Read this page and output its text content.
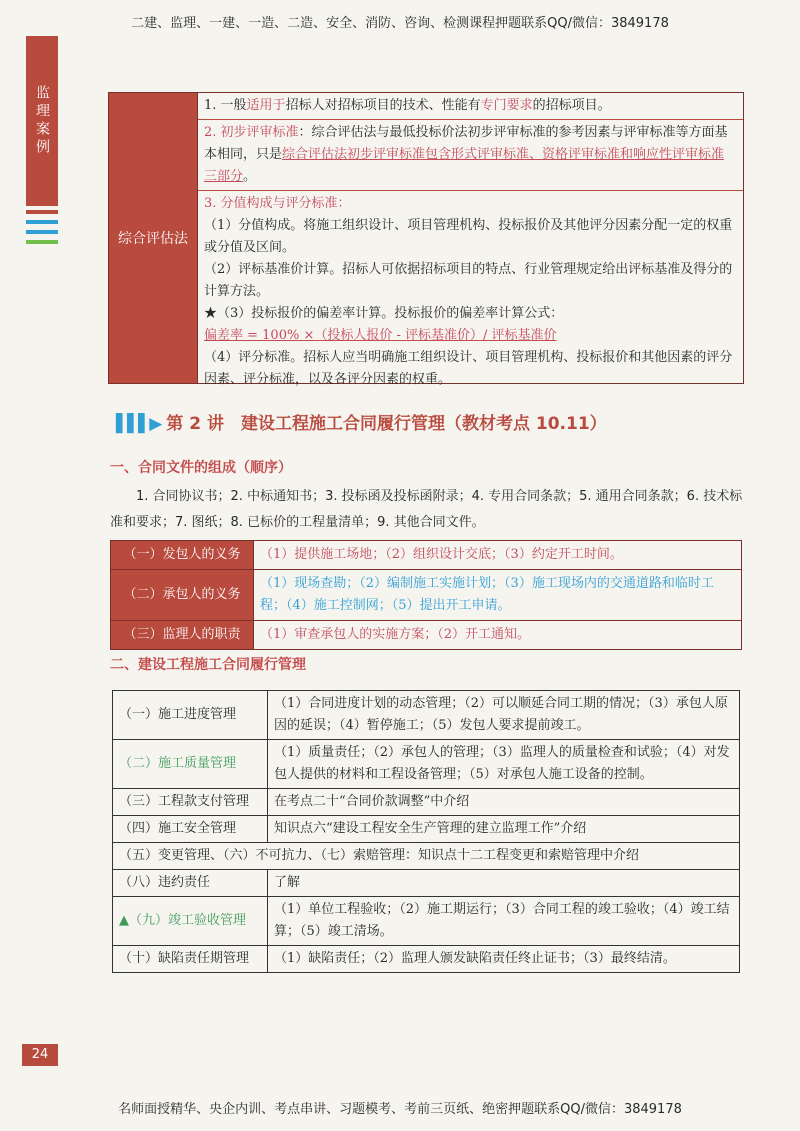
二建、监理、一建、一造、二造、安全、消防、咨询、检测课程押题联系QQ/微信：3849178
监理案例
综合评估法
1. 一般适用于招标人对招标项目的技术、性能有专门要求的招标项目。
2. 初步评审标准：综合评估法与最低投标价法初步评审标准的参考因素与评审标准等方面基本相同，只是综合评估法初步评审标准包含形式评审标准、资格评审标准和响应性评审标准三部分。
3. 分值构成与评分标准：
（1）分值构成。将施工组织设计、项目管理机构、投标报价及其他评分因素分配一定的权重或分值及区间。
（2）评标基准价计算。招标人可依据招标项目的特点、行业管理规定给出评标基准及得分的计算方法。
★（3）投标报价的偏差率计算。投标报价的偏差率计算公式：
偏差率 = 100% ×（投标人报价 - 评标基准价）/ 评标基准价
（4）评分标准。招标人应当明确施工组织设计、项目管理机构、投标报价和其他因素的评分因素、评分标准，以及各评分因素的权重。
▌▌▌▶ 第 2 讲　建设工程施工合同履行管理（教材考点 10.11）
一、合同文件的组成（顺序）
1. 合同协议书；2. 中标通知书；3. 投标函及投标函附录；4. 专用合同条款；5. 通用合同条款；6. 技术标准和要求；7. 图纸；8. 已标价的工程量清单；9. 其他合同文件。
（一）发包人的义务	（1）提供施工场地；（2）组织设计交底；（3）约定开工时间。
（二）承包人的义务	（1）现场查勘；（2）编制施工实施计划；（3）施工现场内的交通道路和临时工程；（4）施工控制网；（5）提出开工申请。
（三）监理人的职责	（1）审查承包人的实施方案；（2）开工通知。
二、建设工程施工合同履行管理
（一）施工进度管理	（1）合同进度计划的动态管理；（2）可以顺延合同工期的情况；（3）承包人原因的延误；（4）暂停施工；（5）发包人要求提前竣工。
（二）施工质量管理	（1）质量责任；（2）承包人的管理；（3）监理人的质量检查和试验；（4）对发包人提供的材料和工程设备管理；（5）对承包人施工设备的控制。
（三）工程款支付管理	在考点二十“合同价款调整”中介绍
（四）施工安全管理	知识点六“建设工程安全生产管理的建立监理工作”介绍
（五）变更管理、（六）不可抗力、（七）索赔管理：知识点十二工程变更和索赔管理中介绍	
（八）违约责任	了解
▲（九）竣工验收管理	（1）单位工程验收；（2）施工期运行；（3）合同工程的竣工验收；（4）竣工结算；（5）竣工清场。
（十）缺陷责任期管理	（1）缺陷责任；（2）监理人颁发缺陷责任终止证书；（3）最终结清。
24
名师面授精华、央企内训、考点串讲、习题模考、考前三页纸、绝密押题联系QQ/微信：3849178
